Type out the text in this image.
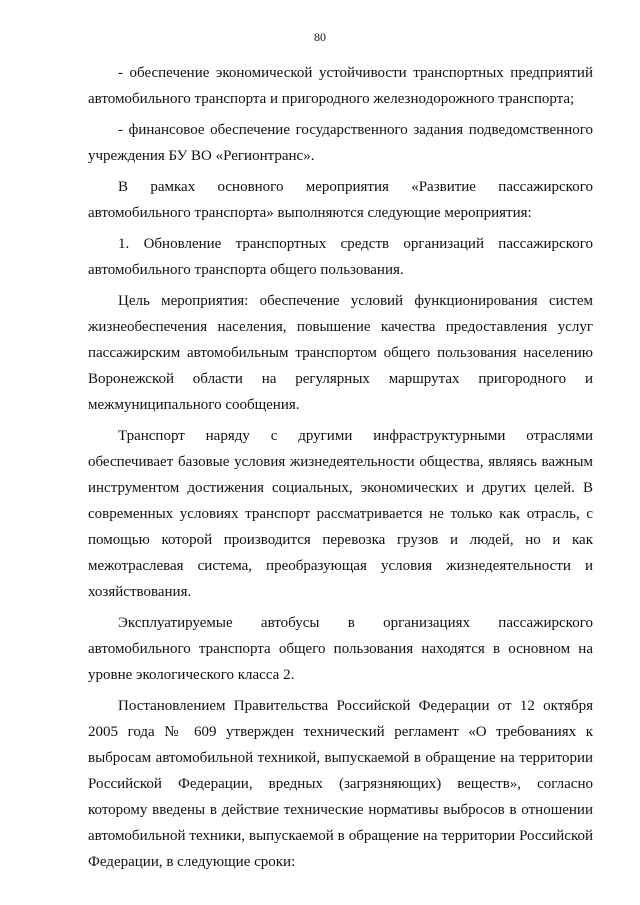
80

- обеспечение экономической устойчивости транспортных предприятий автомобильного транспорта и пригородного железнодорожного транспорта;

- финансовое обеспечение государственного задания подведомственного учреждения БУ ВО «Регионтранс».

В рамках основного мероприятия «Развитие пассажирского автомобильного транспорта» выполняются следующие мероприятия:

1. Обновление транспортных средств организаций пассажирского автомобильного транспорта общего пользования.

Цель мероприятия: обеспечение условий функционирования систем жизнеобеспечения населения, повышение качества предоставления услуг пассажирским автомобильным транспортом общего пользования населению Воронежской области на регулярных маршрутах пригородного и межмуниципального сообщения.

Транспорт наряду с другими инфраструктурными отраслями обеспечивает базовые условия жизнедеятельности общества, являясь важным инструментом достижения социальных, экономических и других целей. В современных условиях транспорт рассматривается не только как отрасль, с помощью которой производится перевозка грузов и людей, но и как межотраслевая система, преобразующая условия жизнедеятельности и хозяйствования.

Эксплуатируемые автобусы в организациях пассажирского автомобильного транспорта общего пользования находятся в основном на уровне экологического класса 2.

Постановлением Правительства Российской Федерации от 12 октября 2005 года № 609 утвержден технический регламент «О требованиях к выбросам автомобильной техникой, выпускаемой в обращение на территории Российской Федерации, вредных (загрязняющих) веществ», согласно которому введены в действие технические нормативы выбросов в отношении автомобильной техники, выпускаемой в обращение на территории Российской Федерации, в следующие сроки:
